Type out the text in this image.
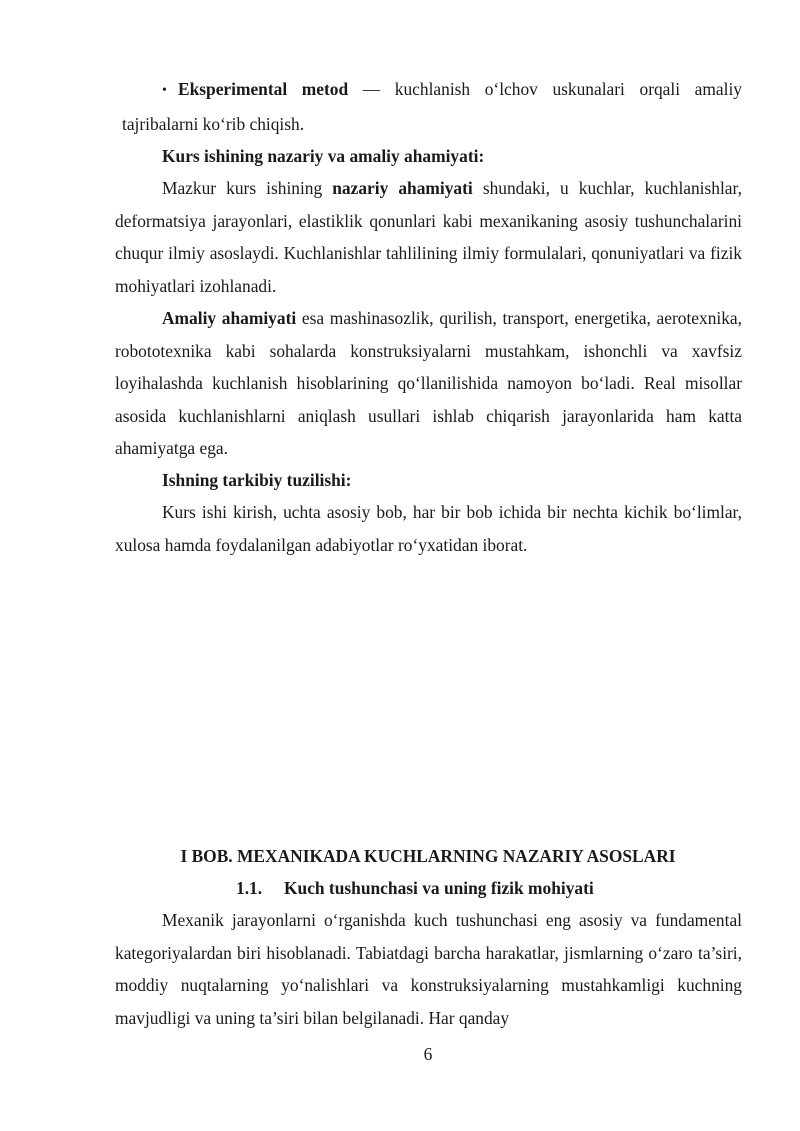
• Eksperimental metod — kuchlanish o‘lchov uskunalari orqali amaliy tajribalarni ko‘rib chiqish.
Kurs ishining nazariy va amaliy ahamiyati:

Mazkur kurs ishining nazariy ahamiyati shundaki, u kuchlar, kuchlanishlar, deformatsiya jarayonlari, elastiklik qonunlari kabi mexanikaning asosiy tushunchalarini chuqur ilmiy asoslaydi. Kuchlanishlar tahlilining ilmiy formulalari, qonuniyatlari va fizik mohiyatlari izohlanadi.

Amaliy ahamiyati esa mashinasozlik, qurilish, transport, energetika, aerotexnika, robototexnika kabi sohalarda konstruksiyalarni mustahkam, ishonchli va xavfsiz loyihalashda kuchlanish hisoblarining qo‘llanilishida namoyon bo‘ladi. Real misollar asosida kuchlanishlarni aniqlash usullari ishlab chiqarish jarayonlarida ham katta ahamiyatga ega.

Ishning tarkibiy tuzilishi:

Kurs ishi kirish, uchta asosiy bob, har bir bob ichida bir nechta kichik bo‘limlar, xulosa hamda foydalanilgan adabiyotlar ro‘yxatidan iborat.

I BOB. MEXANIKADA KUCHLARNING NAZARIY ASOSLARI
1.1. Kuch tushunchasi va uning fizik mohiyati

Mexanik jarayonlarni o‘rganishda kuch tushunchasi eng asosiy va fundamental kategoriyalardan biri hisoblanadi. Tabiatdagi barcha harakatlar, jismlarning o‘zaro ta’siri, moddiy nuqtalarning yo‘nalishlari va konstruksiyalarning mustahkamligi kuchning mavjudligi va uning ta’siri bilan belgilanadi. Har qanday

6
